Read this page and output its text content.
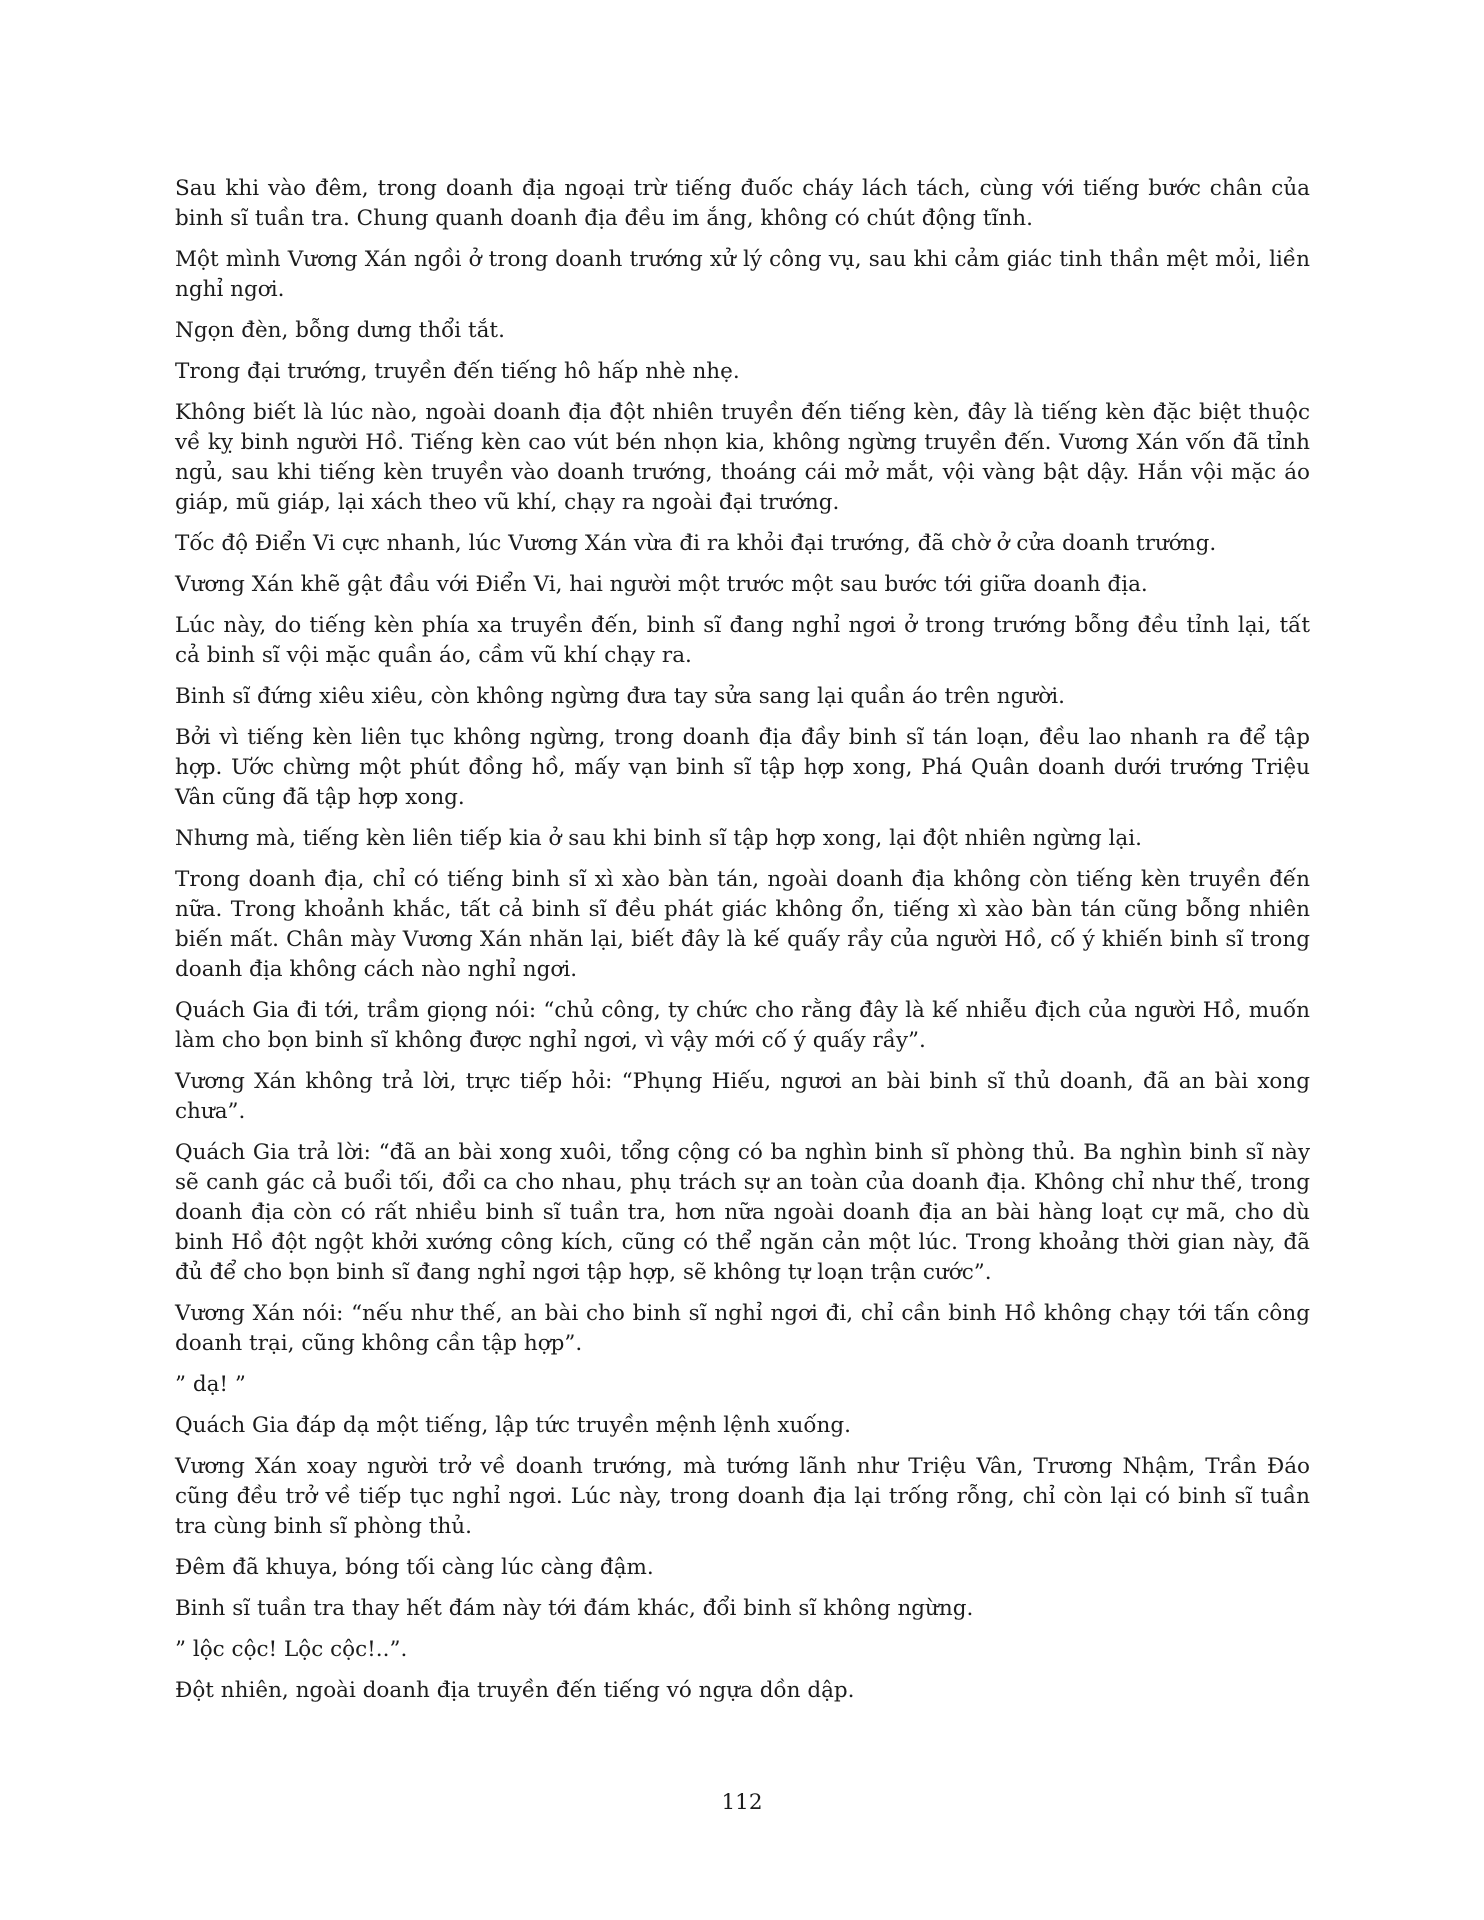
Sau khi vào đêm, trong doanh địa ngoại trừ tiếng đuốc cháy lách tách, cùng với tiếng bước chân của binh sĩ tuần tra. Chung quanh doanh địa đều im ắng, không có chút động tĩnh.

Một mình Vương Xán ngồi ở trong doanh trướng xử lý công vụ, sau khi cảm giác tinh thần mệt mỏi, liền nghỉ ngơi.

Ngọn đèn, bỗng dưng thổi tắt.

Trong đại trướng, truyền đến tiếng hô hấp nhè nhẹ.

Không biết là lúc nào, ngoài doanh địa đột nhiên truyền đến tiếng kèn, đây là tiếng kèn đặc biệt thuộc về kỵ binh người Hồ. Tiếng kèn cao vút bén nhọn kia, không ngừng truyền đến. Vương Xán vốn đã tỉnh ngủ, sau khi tiếng kèn truyền vào doanh trướng, thoáng cái mở mắt, vội vàng bật dậy. Hắn vội mặc áo giáp, mũ giáp, lại xách theo vũ khí, chạy ra ngoài đại trướng.

Tốc độ Điển Vi cực nhanh, lúc Vương Xán vừa đi ra khỏi đại trướng, đã chờ ở cửa doanh trướng.

Vương Xán khẽ gật đầu với Điển Vi, hai người một trước một sau bước tới giữa doanh địa.

Lúc này, do tiếng kèn phía xa truyền đến, binh sĩ đang nghỉ ngơi ở trong trướng bỗng đều tỉnh lại, tất cả binh sĩ vội mặc quần áo, cầm vũ khí chạy ra.

Binh sĩ đứng xiêu xiêu, còn không ngừng đưa tay sửa sang lại quần áo trên người.

Bởi vì tiếng kèn liên tục không ngừng, trong doanh địa đầy binh sĩ tán loạn, đều lao nhanh ra để tập hợp. Ước chừng một phút đồng hồ, mấy vạn binh sĩ tập hợp xong, Phá Quân doanh dưới trướng Triệu Vân cũng đã tập hợp xong.

Nhưng mà, tiếng kèn liên tiếp kia ở sau khi binh sĩ tập hợp xong, lại đột nhiên ngừng lại.

Trong doanh địa, chỉ có tiếng binh sĩ xì xào bàn tán, ngoài doanh địa không còn tiếng kèn truyền đến nữa. Trong khoảnh khắc, tất cả binh sĩ đều phát giác không ổn, tiếng xì xào bàn tán cũng bỗng nhiên biến mất. Chân mày Vương Xán nhăn lại, biết đây là kế quấy rầy của người Hồ, cố ý khiến binh sĩ trong doanh địa không cách nào nghỉ ngơi.

Quách Gia đi tới, trầm giọng nói: “chủ công, ty chức cho rằng đây là kế nhiễu địch của người Hồ, muốn làm cho bọn binh sĩ không được nghỉ ngơi, vì vậy mới cố ý quấy rầy”.

Vương Xán không trả lời, trực tiếp hỏi: “Phụng Hiếu, ngươi an bài binh sĩ thủ doanh, đã an bài xong chưa”.

Quách Gia trả lời: “đã an bài xong xuôi, tổng cộng có ba nghìn binh sĩ phòng thủ. Ba nghìn binh sĩ này sẽ canh gác cả buổi tối, đổi ca cho nhau, phụ trách sự an toàn của doanh địa. Không chỉ như thế, trong doanh địa còn có rất nhiều binh sĩ tuần tra, hơn nữa ngoài doanh địa an bài hàng loạt cự mã, cho dù binh Hồ đột ngột khởi xướng công kích, cũng có thể ngăn cản một lúc. Trong khoảng thời gian này, đã đủ để cho bọn binh sĩ đang nghỉ ngơi tập hợp, sẽ không tự loạn trận cước”.

Vương Xán nói: “nếu như thế, an bài cho binh sĩ nghỉ ngơi đi, chỉ cần binh Hồ không chạy tới tấn công doanh trại, cũng không cần tập hợp”.

” dạ! ”

Quách Gia đáp dạ một tiếng, lập tức truyền mệnh lệnh xuống.

Vương Xán xoay người trở về doanh trướng, mà tướng lãnh như Triệu Vân, Trương Nhậm, Trần Đáo cũng đều trở về tiếp tục nghỉ ngơi. Lúc này, trong doanh địa lại trống rỗng, chỉ còn lại có binh sĩ tuần tra cùng binh sĩ phòng thủ.

Đêm đã khuya, bóng tối càng lúc càng đậm.

Binh sĩ tuần tra thay hết đám này tới đám khác, đổi binh sĩ không ngừng.

” lộc cộc! Lộc cộc!..”.

Đột nhiên, ngoài doanh địa truyền đến tiếng vó ngựa dồn dập.

112
